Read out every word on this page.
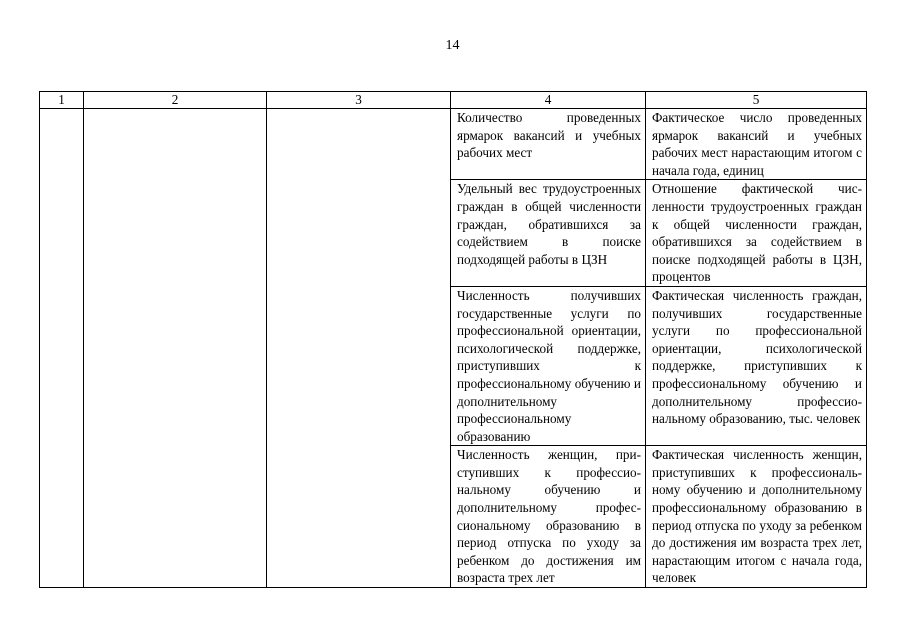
14
1	2	3	4	5
			Количество проведенных ярмарок вакансий и учебных рабочих мест	Фактическое число проведенных ярмарок вакансий и учебных рабочих мест нарастающим итогом с начала года, единиц
			Удельный вес трудоустроенных граждан в общей численности граждан, обратившихся за содействием в поиске подходящей работы в ЦЗН	Отношение фактической численности трудоустроенных граждан к общей численности граждан, обратившихся за содействием в поиске подходящей работы в ЦЗН, процентов
			Численность получивших государственные услуги по профессиональной ориентации, психологической поддержке, приступивших к профессиональному обучению и дополнительному профессиональному образованию	Фактическая численность граждан, получивших государственные услуги по профессиональной ориентации, психологической поддержке, приступивших к профессиональному обучению и дополнительному профессиональному образованию, тыс. человек
			Численность женщин, приступивших к профессиональному обучению и дополнительному профессиональному образованию в период отпуска по уходу за ребенком до достижения им возраста трех лет	Фактическая численность женщин, приступивших к профессиональному обучению и дополнительному профессиональному образованию в период отпуска по уходу за ребенком до достижения им возраста трех лет, нарастающим итогом с начала года, человек
